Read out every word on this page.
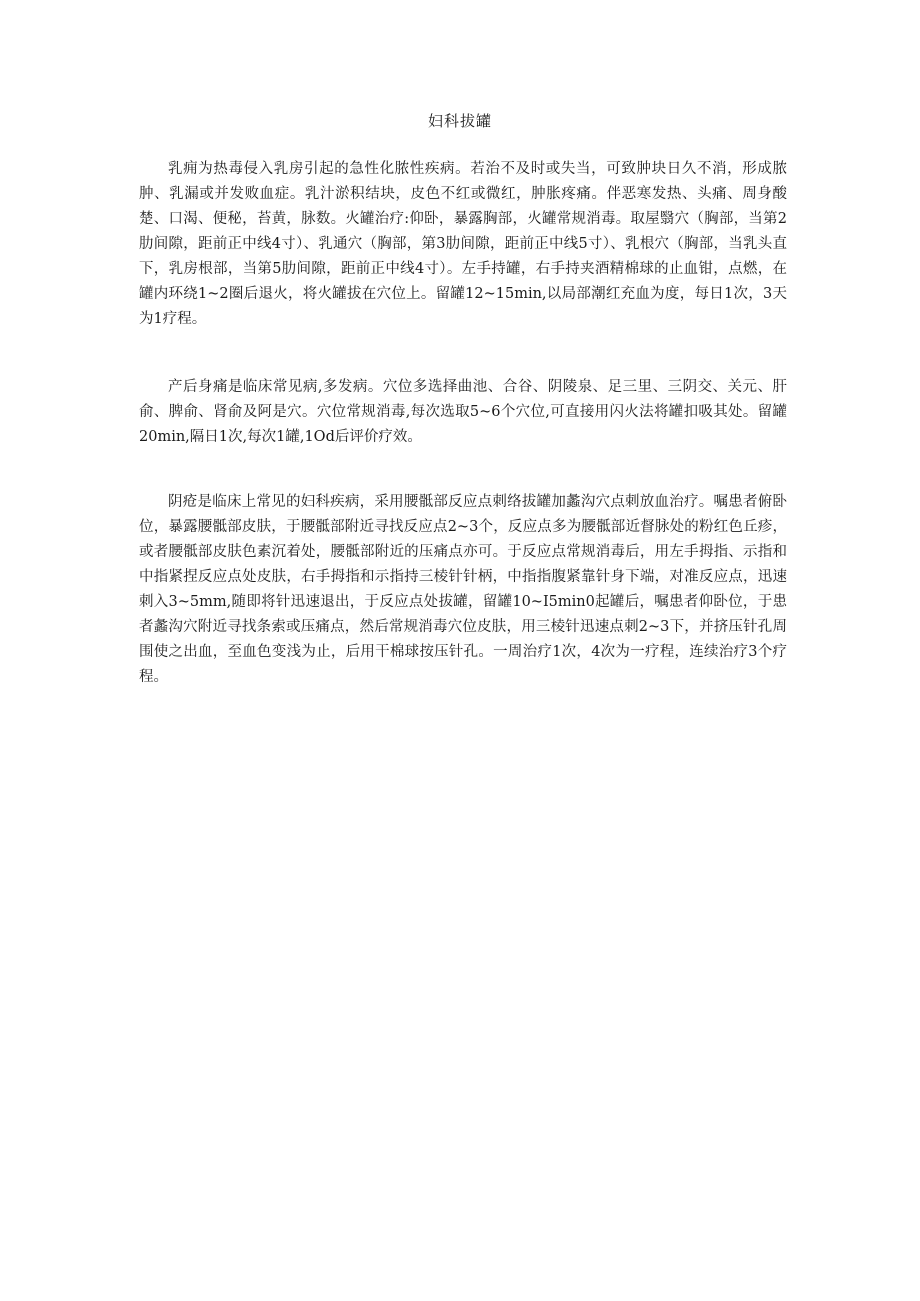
妇科拔罐

乳痈为热毒侵入乳房引起的急性化脓性疾病。若治不及时或失当，可致肿块日久不消，形成脓肿、乳漏或并发败血症。乳汁淤积结块，皮色不红或微红，肿胀疼痛。伴恶寒发热、头痛、周身酸楚、口渴、便秘，苔黄，脉数。火罐治疗:仰卧，暴露胸部，火罐常规消毒。取屋翳穴（胸部，当第2肋间隙，距前正中线4寸）、乳通穴（胸部，第3肋间隙，距前正中线5寸）、乳根穴（胸部，当乳头直下，乳房根部，当第5肋间隙，距前正中线4寸）。左手持罐，右手持夹酒精棉球的止血钳，点燃，在罐内环绕1~2圈后退火，将火罐拔在穴位上。留罐12~15min,以局部潮红充血为度，每日1次，3天为1疗程。

产后身痛是临床常见病,多发病。穴位多选择曲池、合谷、阴陵泉、足三里、三阴交、关元、肝俞、脾俞、肾俞及阿是穴。穴位常规消毒,每次选取5~6个穴位,可直接用闪火法将罐扣吸其处。留罐20min,隔日1次,每次1罐,1Od后评价疗效。

阴疮是临床上常见的妇科疾病，采用腰骶部反应点刺络拔罐加蠡沟穴点刺放血治疗。嘱患者俯卧位，暴露腰骶部皮肤，于腰骶部附近寻找反应点2~3个，反应点多为腰骶部近督脉处的粉红色丘疹，或者腰骶部皮肤色素沉着处，腰骶部附近的压痛点亦可。于反应点常规消毒后，用左手拇指、示指和中指紧捏反应点处皮肤，右手拇指和示指持三棱针针柄，中指指腹紧靠针身下端，对准反应点，迅速刺入3~5mm,随即将针迅速退出，于反应点处拔罐，留罐10~I5min0起罐后，嘱患者仰卧位，于患者蠡沟穴附近寻找条索或压痛点，然后常规消毒穴位皮肤，用三棱针迅速点刺2~3下，并挤压针孔周围使之出血，至血色变浅为止，后用干棉球按压针孔。一周治疗1次，4次为一疗程，连续治疗3个疗程。
